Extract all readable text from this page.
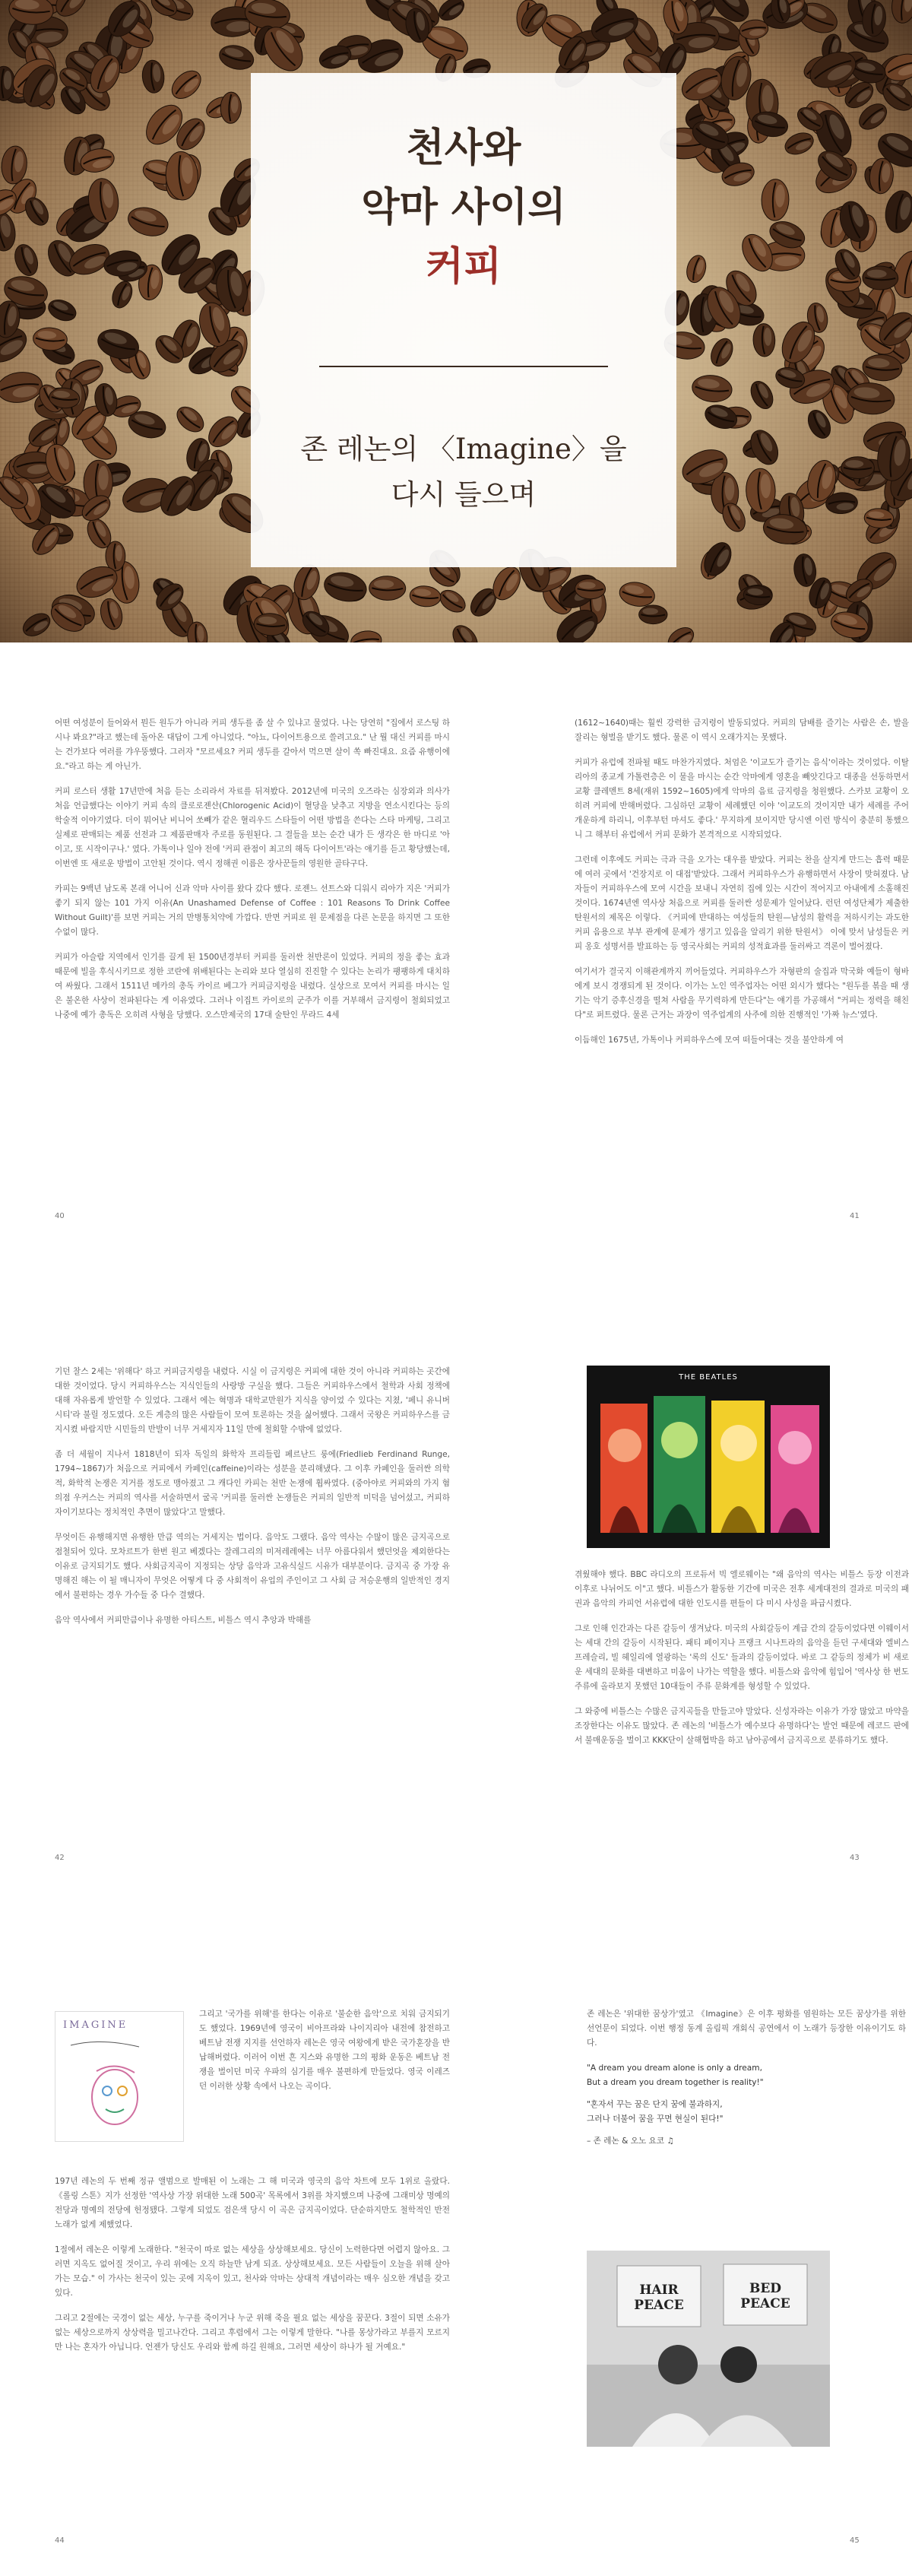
천사와

악마 사이의

커피

존 레논의 〈Imagine〉을

다시 들으며

어떤 여성분이 들어와서 뭔든 원두가 아니라 커피 생두를 좀 살 수 있냐고 물었다. 나는 당연히 "집에서 로스팅 하시나 봐요?"라고 했는데 돌아온 대답이 그게 아니었다. "아뇨, 다이어트용으로 쓸려고요." 난 뭘 대신 커피를 마시는 건가보다 여러를 갸우뚱했다. 그러자 "모르세요? 커피 생두를 갈아서 먹으면 살이 쏙 빠진대요. 요즘 유행이에요."라고 하는 게 아닌가.

커피 로스터 생활 17년만에 처음 듣는 소리라서 자료를 뒤져봤다. 2012년에 미국의 오즈라는 심장외과 의사가 처음 언급했다는 이야기 커피 속의 클로로젠산(Chlorogenic Acid)이 혈당을 낮추고 지방을 연소시킨다는 등의 학술적 이야기였다. 더이 뭐어난 비니어 쏘빼가 같은 혈리우드 스타들이 어떤 방법을 쓴다는 스타 마케팅, 그리고 실제로 판매되는 제품 선전과 그 제품판매자 주로를 동원된다. 그 결들을 보는 순간 내가 든 생각은 한 마디로 '아이고, 또 시작이구나.' 였다. 가톡이나 일야 전에 '커피 관점이 최고의 해독 다이어트'라는 얘기를 듣고 황당했는데, 이번엔 또 새로운 방법이 고안된 것이다. 역시 정해권 이름은 장사꾼들의 영원한 골타구다.

카피는 9백년 남도록 본래 어니어 신과 악마 사이를 왔다 갔다 했다. 로젠느 선트스와 디워시 리아가 지은 '커피가 좋기 되지 않는 101 가지 이유(An Unashamed Defense of Coffee : 101 Reasons To Drink Coffee Without Guilt)'를 보면 커피는 거의 만병통치약에 가깝다. 반면 커피로 원 문제점을 다른 논문을 하지면 그 또한 수없이 많다.

커피가 아슬람 지역에서 인기를 끌게 된 1500년경부터 커피를 둘러싼 천반론이 있었다. 커피의 정을 좋는 효과 때문에 빌을 후식시키므로 정한 코란에 위배된다는 논리와 보다 열심히 진진할 수 있다는 논리가 팽팽하게 대치하여 싸웠다. 그래서 1511년 메카의 총독 카이르 베그가 커피금지령을 내렸다. 실상으로 모여서 커피를 마시는 일은 불온한 사상이 전파된다는 게 이유였다. 그러나 이집트 카이로의 군주가 이를 거부해서 금지령이 철회되었고 나중에 예가 총독은 오히려 사형을 당했다. 오스만제국의 17대 술탄인 무라드 4세

40

(1612~1640)때는 훨씬 강력한 금지령이 발동되었다. 커피의 담배를 즐기는 사람은 손, 발을 잘리는 형벌을 받기도 했다. 물론 이 역시 오래가지는 못했다.

커피가 유럽에 전파될 때도 마찬가지였다. 처엄은 '이교도가 즐기는 음식'이라는 것이었다. 이탈리아의 종교게 가톨련층은 이 물을 마시는 순간 악마에게 영혼을 빼앗긴다고 대종을 선동하면서 교황 클레멘트 8세(재위 1592~1605)에게 악마의 음료 금지령을 청원했다. 스카보 교황이 오히려 커피에 반해버렸다. 그심하던 교황이 세례했던 이야 '이교도의 것이지만 내가 세례를 주어 개운하게 하리니, 이후부턴 마셔도 좋다.' 무지하게 보이지만 당시엔 이런 방식이 충분히 통했으니 그 해부터 유럽에서 커피 문화가 본격적으로 시작되었다.

그런데 이후에도 커피는 극과 극을 오가는 대우를 받았다. 커피는 찬을 살지게 만드는 흡력 때문에 여러 곳에서 '건장지로 이 대접'받았다. 그래서 커피하우스가 유행하면서 사장이 맞혀졌다. 남자들이 커피하우스에 모여 시간을 보내니 자연히 집에 있는 시간이 적어지고 아내에게 소홀해진 것이다. 1674년엔 역사상 처음으로 커피를 둘러싼 성문제가 일어났다. 런던 여성단체가 제출한 탄원서의 제목은 이렇다. 《커피에 반대하는 여성들의 탄원—남성의 활력을 저하시키는 과도한 커피 음용으로 부부 관계에 문제가 생기고 있음을 알리기 위한 탄원서》 이에 맞서 남성들은 커피 옹호 성명서를 발표하는 등 영국사회는 커피의 성적효과를 둘러싸고 격론이 벌어졌다.

여기서가 결국지 이해관계까지 끼어들었다. 커피하우스가 자형판의 술집과 막국화 예들이 형바에게 보시 경쟁되게 된 것이다. 이가는 노인 역주업자는 어떤 외시가 했다는 "원두를 볶을 때 생기는 악기 증후신경을 떨쳐 사람을 무기력하게 만든다"는 얘기를 가공해서 "커피는 정력을 해친다"로 퍼트렸다. 물론 근거는 과장이 역주업계의 사주에 의한 진행적인 '가짜 뉴스'였다.

이듬해인 1675년, 가톡이나 커피하우스에 모여 떠들어대는 것을 불안하게 여

41

기던 찰스 2세는 '위해다' 하고 커피금지령을 내렸다. 시실 이 금지령은 커피에 대한 것이 아니라 커피하는 곳간에 대한 것이었다. 당시 커피하우스는 지식인들의 사랑방 구실을 했다. 그들은 커피하우스에서 철학과 사회 정책에 대해 자유롭게 발언할 수 있었다. 그래서 에는 혁명과 대학교만원가 지식을 양이었 수 있다는 지쳤, '페니 유니버시티'라 불릴 정도였다. 오든 계층의 많은 사람들이 모여 토론하는 것을 싫어했다. 그래서 국왕은 커피하우스를 금지시켰 바람지만 시민들의 반발이 너무 거세지자 11일 만에 철회할 수밖에 없었다.

좀 더 세월이 지나서 1818년이 되자 독일의 화학자 프리들립 페르난드 룽에(Friedlieb Ferdinand Runge, 1794~1867)가 처음으로 커피에서 카페인(caffeine)이라는 성분을 분리해냈다. 그 이후 카페인을 둘러싼 의학적, 화학적 논쟁은 지거를 정도로 맹아졌고 그 캐다인 카피는 천반 논쟁에 휩싸였다. (중아야로 커피와의 가지 혐의점 우커스는 커피의 역사를 서술하면서 굴곡 '커피를 둘러싼 논쟁들은 커피의 일반적 미덕을 넘어섰고, 커피하자이기보다는 정치적인 추면이 많았다'고 말했다.

무엇이든 유행해지면 유행한 만큼 역의는 거세지는 법이다. 음악도 그랬다. 음악 역사는 수많이 많은 금지곡으로 점철되어 있다. 모차르트가 한번 원고 베겠다는 잘레그리의 미저레레에는 너무 아름다워서 했던엇을 제외한다는 이유로 금지되기도 했다. 사회금지곡이 지정되는 상당 음악과 고유식실드 시유가 대부분이다. 금지곡 중 가장 유명해진 해는 이 될 매니자이 무엇은 어떻게 다 중 사회적이 유업의 주인이고 그 사회 금 저승운행의 일반적인 경지에서 불편하는 경우 가수들 중 다수 결했다.

음악 역사에서 커피만큼이나 유명한 아티스트, 비틀스 역시 추앙과 박해를

42
THE BEATLES

겪웠해야 했다. BBC 라디오의 프로듀서 빅 엘로웨이는 "왜 음악의 역사는 비틀스 등장 이전과 이후로 나뉘어도 이"고 했다. 비틀스가 활동한 기간에 미국은 전후 세계대전의 결과로 미국의 패권과 음악의 카피언 서유럽에 대한 인도시를 편들이 다 미시 사성을 파급시켰다.

그로 인해 인간과는 다른 갈등이 생겨났다. 미국의 사회갈등이 계급 간의 갈등이었다면 이웨이서는 세대 간의 갈등이 시작된다. 패티 페이지나 프랭크 시나트라의 음악을 듣던 구세대와 엘비스 프레슬리, 빌 헤일리에 열광하는 '록의 신도' 들과의 갈등이었다. 바로 그 같등의 정체가 비 새로운 세대의 문화를 대변하고 미움이 나가는 역할을 했다. 비틀스와 음악에 힘입어 '역사상 한 번도 주류에 올라보지 못했던 10대들이 주류 문화계를 형성할 수 있었다.

그 와중에 비틀스는 수많은 금지곡들을 만들고야 말았다. 신성자라는 이유가 가장 많았고 마약을 조장한다는 이유도 많았다. 존 레논의 '비틀스가 예수보다 유명하다'는 발언 때문에 레코드 판에서 불매운동을 벌이고 KKK단이 살해협박을 하고 남아공에서 금지곡으로 분류하기도 했다.

43
IMAGINE

그리고 '국가를 위해'를 한다는 이유로 '불순한 음악'으로 치워 금지되기도 했었다. 1969년에 영국이 비아프라와 나이지리아 내전에 참전하고 베트남 전쟁 지지를 선언하자 레논은 영국 여왕에게 받은 국가훈장을 반납해버렸다. 이러어 이번 흔 지스와 유명한 그의 평화 운동은 베트남 전쟁을 벌이던 미국 우파의 심기를 매우 불편하게 만들었다. 영국 이레즈던 이러한 상황 속에서 나오는 곡이다.

197년 레논의 두 번째 정규 앨범으로 발매된 이 노래는 그 해 미국과 영국의 음악 차트에 모두 1위로 올랐다. 《롤링 스톤》지가 선정한 '역사상 가장 위대한 노래 500곡' 목록에서 3위를 차지했으며 나중에 그래미상 명예의 전당과 명예의 전당에 헌정됐다. 그렇게 되었도 검은색 당시 이 곡은 금지곡이었다. 단순하지만도 철학적인 반전 노래가 없게 제했었다.

1절에서 레논은 이렇게 노래한다. "천국이 따로 없는 세상을 상상해보세요. 당신이 노력한다면 어렵지 않아요. 그러면 지옥도 없어질 것이고, 우리 위에는 오직 하늘만 남게 되죠. 상상해보세요. 모든 사람들이 오늘을 위해 살아가는 모습." 이 가사는 천국이 있는 곳에 지옥이 있고, 천사와 악마는 상대적 개념이라는 매우 심오한 개념을 갖고 있다.

그리고 2절에는 국경이 없는 세상, 누구를 죽이거나 누군 위해 죽을 필요 없는 세상을 꿈꾼다. 3절이 되면 소유가 없는 세상으로까지 상상력을 밀고나간다. 그리고 후렴에서 그는 이렇게 말한다. "나를 몽상가라고 부를지 모르지만 나는 혼자가 아닙니다. 언젠가 당신도 우리와 함께 하길 원해요, 그러면 세상이 하나가 될 거예요."

44

존 레논은 '위대한 꿈상가'였고 《Imagine》은 이후 평화를 염원하는 모든 꿈상가를 위한 선언문이 되었다. 이번 행정 동계 올림픽 개회식 공연에서 이 노래가 등장한 이유이기도 하다.

"A dream you dream alone is only a dream,
But a dream you dream together is reality!"

"혼자서 꾸는 꿈은 단지 꿈에 불과하지,
그러나 더불어 꿈을 꾸면 현실이 된다!"

– 존 레논 & 오노 요코 ♫

HAIR PEACE
BED PEACE
45
